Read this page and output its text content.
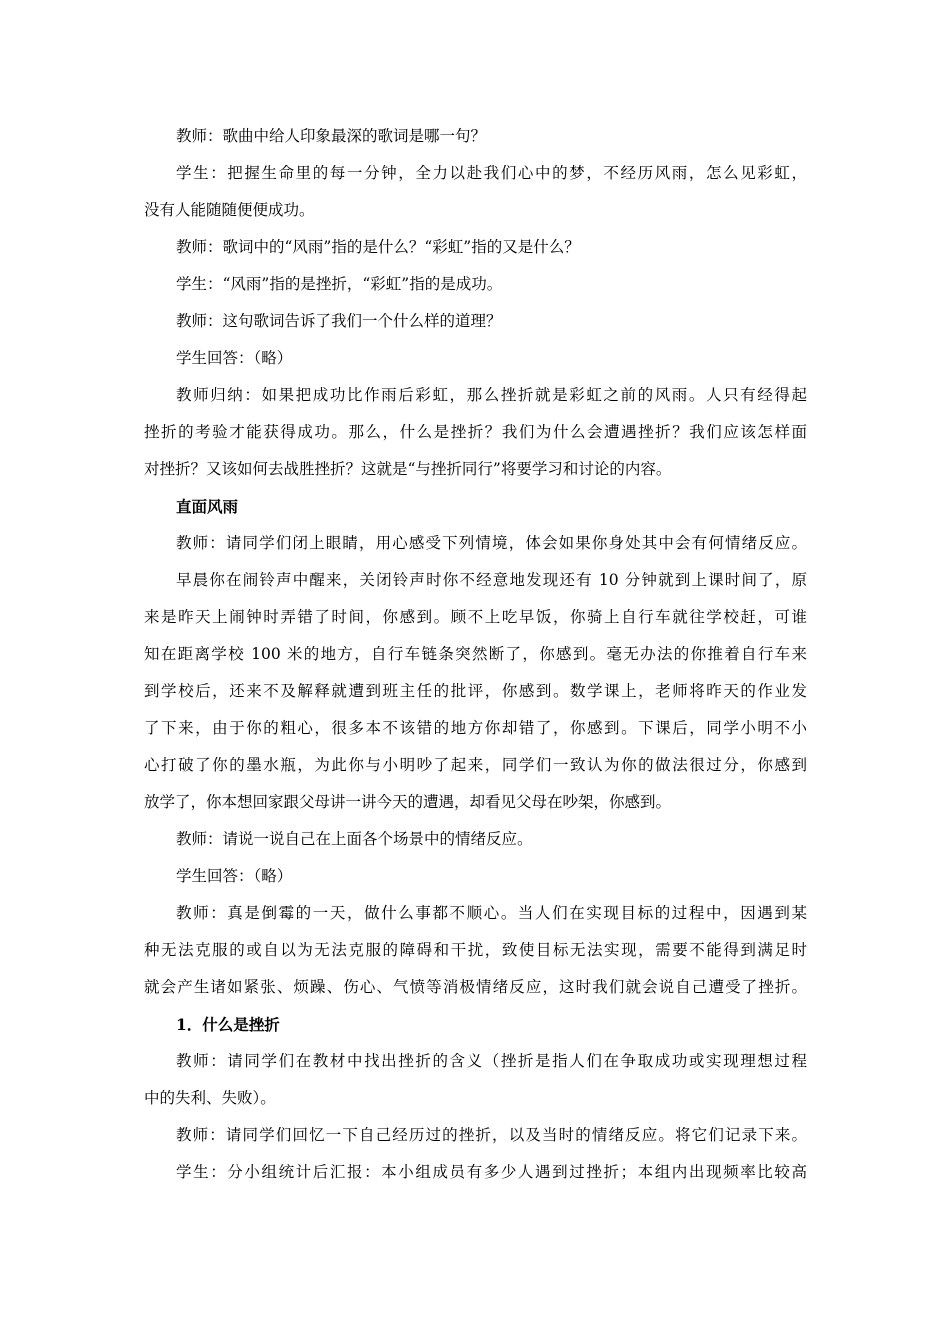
教师：歌曲中给人印象最深的歌词是哪一句？

学生：把握生命里的每一分钟，全力以赴我们心中的梦，不经历风雨，怎么见彩虹，

没有人能随随便便成功。

教师：歌词中的“风雨”指的是什么？“彩虹”指的又是什么？

学生：“风雨”指的是挫折，“彩虹”指的是成功。

教师：这句歌词告诉了我们一个什么样的道理？

学生回答：（略）

教师归纳：如果把成功比作雨后彩虹，那么挫折就是彩虹之前的风雨。人只有经得起

挫折的考验才能获得成功。那么，什么是挫折？我们为什么会遭遇挫折？我们应该怎样面

对挫折？又该如何去战胜挫折？这就是“与挫折同行”将要学习和讨论的内容。

直面风雨

教师：请同学们闭上眼睛，用心感受下列情境，体会如果你身处其中会有何情绪反应。

早晨你在闹铃声中醒来，关闭铃声时你不经意地发现还有 10 分钟就到上课时间了，原

来是昨天上闹钟时弄错了时间，你感到。顾不上吃早饭，你骑上自行车就往学校赶，可谁

知在距离学校 100 米的地方，自行车链条突然断了，你感到。毫无办法的你推着自行车来

到学校后，还来不及解释就遭到班主任的批评，你感到。数学课上，老师将昨天的作业发

了下来，由于你的粗心，很多本不该错的地方你却错了，你感到。下课后，同学小明不小

心打破了你的墨水瓶，为此你与小明吵了起来，同学们一致认为你的做法很过分，你感到

放学了，你本想回家跟父母讲一讲今天的遭遇，却看见父母在吵架，你感到。

教师：请说一说自己在上面各个场景中的情绪反应。

学生回答：（略）

教师：真是倒霉的一天，做什么事都不顺心。当人们在实现目标的过程中，因遇到某

种无法克服的或自以为无法克服的障碍和干扰，致使目标无法实现，需要不能得到满足时

就会产生诸如紧张、烦躁、伤心、气愤等消极情绪反应，这时我们就会说自己遭受了挫折。

1．什么是挫折

教师：请同学们在教材中找出挫折的含义（挫折是指人们在争取成功或实现理想过程

中的失利、失败）。

教师：请同学们回忆一下自己经历过的挫折，以及当时的情绪反应。将它们记录下来。

学生：分小组统计后汇报：本小组成员有多少人遇到过挫折；本组内出现频率比较高
